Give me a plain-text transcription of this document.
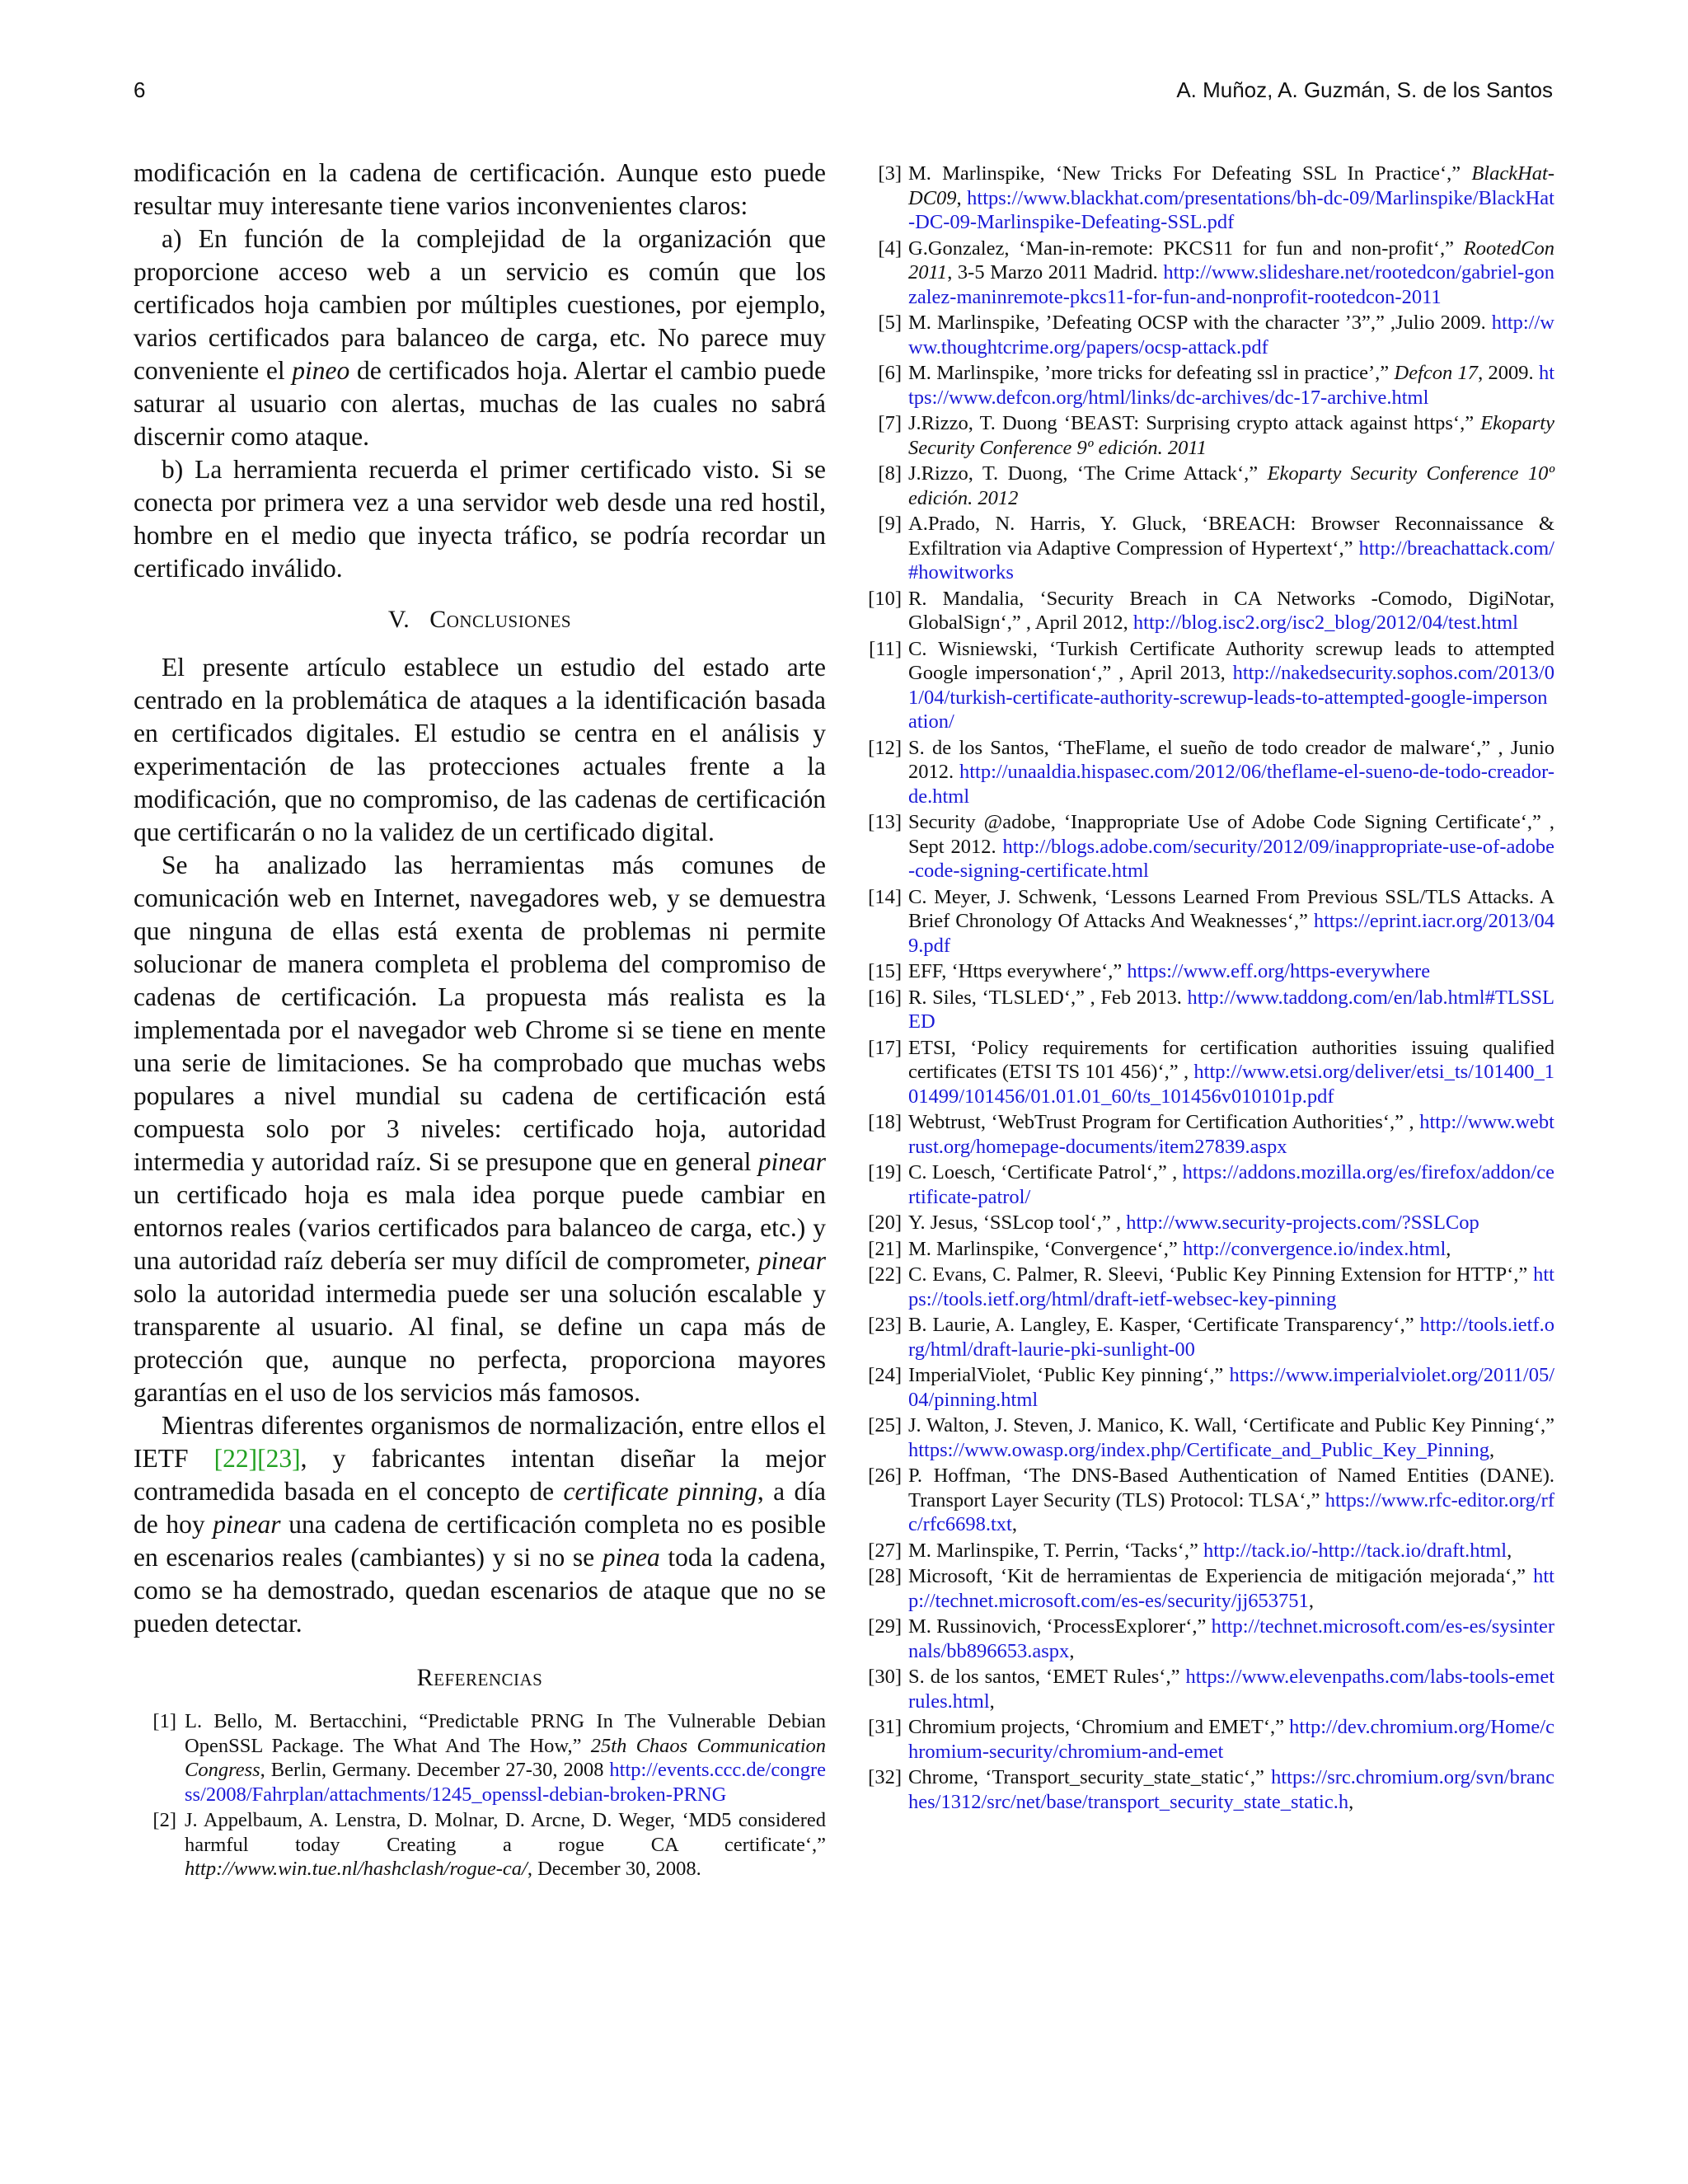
6	A. Muñoz, A. Guzmán, S. de los Santos

modificación en la cadena de certificación. Aunque esto puede resultar muy interesante tiene varios inconvenientes claros:

a) En función de la complejidad de la organización que proporcione acceso web a un servicio es común que los certificados hoja cambien por múltiples cuestiones, por ejemplo, varios certificados para balanceo de carga, etc. No parece muy conveniente el pineo de certificados hoja. Alertar el cambio puede saturar al usuario con alertas, muchas de las cuales no sabrá discernir como ataque.

b) La herramienta recuerda el primer certificado visto. Si se conecta por primera vez a una servidor web desde una red hostil, hombre en el medio que inyecta tráfico, se podría recordar un certificado inválido.

V. Conclusiones

El presente artículo establece un estudio del estado arte centrado en la problemática de ataques a la identificación basada en certificados digitales. El estudio se centra en el análisis y experimentación de las protecciones actuales frente a la modificación, que no compromiso, de las cadenas de certificación que certificarán o no la validez de un certificado digital.

Se ha analizado las herramientas más comunes de comunicación web en Internet, navegadores web, y se demuestra que ninguna de ellas está exenta de problemas ni permite solucionar de manera completa el problema del compromiso de cadenas de certificación. La propuesta más realista es la implementada por el navegador web Chrome si se tiene en mente una serie de limitaciones. Se ha comprobado que muchas webs populares a nivel mundial su cadena de certificación está compuesta solo por 3 niveles: certificado hoja, autoridad intermedia y autoridad raíz. Si se presupone que en general pinear un certificado hoja es mala idea porque puede cambiar en entornos reales (varios certificados para balanceo de carga, etc.) y una autoridad raíz debería ser muy difícil de comprometer, pinear solo la autoridad intermedia puede ser una solución escalable y transparente al usuario. Al final, se define un capa más de protección que, aunque no perfecta, proporciona mayores garantías en el uso de los servicios más famosos.

Mientras diferentes organismos de normalización, entre ellos el IETF [22][23], y fabricantes intentan diseñar la mejor contramedida basada en el concepto de certificate pinning, a día de hoy pinear una cadena de certificación completa no es posible en escenarios reales (cambiantes) y si no se pinea toda la cadena, como se ha demostrado, quedan escenarios de ataque que no se pueden detectar.

Referencias
[1] L. Bello, M. Bertacchini, “Predictable PRNG In The Vulnerable Debian OpenSSL Package. The What And The How,” 25th Chaos Communication Congress, Berlin, Germany. December 27-30, 2008 http://events.ccc.de/congress/2008/Fahrplan/attachments/1245_openssl-debian-broken-PRNG
[2] J. Appelbaum, A. Lenstra, D. Molnar, D. Arcne, D. Weger, ‘MD5 considered harmful today Creating a rogue CA certificate‘,” http://www.win.tue.nl/hashclash/rogue-ca/, December 30, 2008.
[3] M. Marlinspike, ‘New Tricks For Defeating SSL In Practice‘,” BlackHat-DC09, https://www.blackhat.com/presentations/bh-dc-09/Marlinspike/BlackHat-DC-09-Marlinspike-Defeating-SSL.pdf
[4] G.Gonzalez, ‘Man-in-remote: PKCS11 for fun and non-profit‘,” RootedCon 2011, 3-5 Marzo 2011 Madrid. http://www.slideshare.net/rootedcon/gabriel-gonzalez-maninremote-pkcs11-for-fun-and-nonprofit-rootedcon-2011
[5] M. Marlinspike, ’Defeating OCSP with the character ’3”,” ,Julio 2009. http://www.thoughtcrime.org/papers/ocsp-attack.pdf
[6] M. Marlinspike, ’more tricks for defeating ssl in practice’,” Defcon 17, 2009. https://www.defcon.org/html/links/dc-archives/dc-17-archive.html
[7] J.Rizzo, T. Duong ‘BEAST: Surprising crypto attack against https‘,” Ekoparty Security Conference 9º edición. 2011
[8] J.Rizzo, T. Duong, ‘The Crime Attack‘,” Ekoparty Security Conference 10º edición. 2012
[9] A.Prado, N. Harris, Y. Gluck, ‘BREACH: Browser Reconnaissance & Exfiltration via Adaptive Compression of Hypertext‘,” http://breachattack.com/#howitworks
[10] R. Mandalia, ‘Security Breach in CA Networks -Comodo, DigiNotar, GlobalSign‘,” , April 2012, http://blog.isc2.org/isc2_blog/2012/04/test.html
[11] C. Wisniewski, ‘Turkish Certificate Authority screwup leads to attempted Google impersonation‘,” , April 2013, http://nakedsecurity.sophos.com/2013/01/04/turkish-certificate-authority-screwup-leads-to-attempted-google-impersonation/
[12] S. de los Santos, ‘TheFlame, el sueño de todo creador de malware‘,” , Junio 2012. http://unaaldia.hispasec.com/2012/06/theflame-el-sueno-de-todo-creador-de.html
[13] Security @adobe, ‘Inappropriate Use of Adobe Code Signing Certificate‘,” , Sept 2012. http://blogs.adobe.com/security/2012/09/inappropriate-use-of-adobe-code-signing-certificate.html
[14] C. Meyer, J. Schwenk, ‘Lessons Learned From Previous SSL/TLS Attacks. A Brief Chronology Of Attacks And Weaknesses‘,” https://eprint.iacr.org/2013/049.pdf
[15] EFF, ‘Https everywhere‘,” https://www.eff.org/https-everywhere
[16] R. Siles, ‘TLSLED‘,” , Feb 2013. http://www.taddong.com/en/lab.html#TLSSLED
[17] ETSI, ‘Policy requirements for certification authorities issuing qualified certificates (ETSI TS 101 456)‘,” , http://www.etsi.org/deliver/etsi_ts/101400_101499/101456/01.01.01_60/ts_101456v010101p.pdf
[18] Webtrust, ‘WebTrust Program for Certification Authorities‘,” , http://www.webtrust.org/homepage-documents/item27839.aspx
[19] C. Loesch, ‘Certificate Patrol‘,” , https://addons.mozilla.org/es/firefox/addon/certificate-patrol/
[20] Y. Jesus, ‘SSLcop tool‘,” , http://www.security-projects.com/?SSLCop
[21] M. Marlinspike, ‘Convergence‘,” http://convergence.io/index.html,
[22] C. Evans, C. Palmer, R. Sleevi, ‘Public Key Pinning Extension for HTTP‘,” https://tools.ietf.org/html/draft-ietf-websec-key-pinning
[23] B. Laurie, A. Langley, E. Kasper, ‘Certificate Transparency‘,” http://tools.ietf.org/html/draft-laurie-pki-sunlight-00
[24] ImperialViolet, ‘Public Key pinning‘,” https://www.imperialviolet.org/2011/05/04/pinning.html
[25] J. Walton, J. Steven, J. Manico, K. Wall, ‘Certificate and Public Key Pinning‘,” https://www.owasp.org/index.php/Certificate_and_Public_Key_Pinning,
[26] P. Hoffman, ‘The DNS-Based Authentication of Named Entities (DANE). Transport Layer Security (TLS) Protocol: TLSA‘,” https://www.rfc-editor.org/rfc/rfc6698.txt,
[27] M. Marlinspike, T. Perrin, ‘Tacks‘,” http://tack.io/-http://tack.io/draft.html,
[28] Microsoft, ‘Kit de herramientas de Experiencia de mitigación mejorada‘,” http://technet.microsoft.com/es-es/security/jj653751,
[29] M. Russinovich, ‘ProcessExplorer‘,” http://technet.microsoft.com/es-es/sysinternals/bb896653.aspx,
[30] S. de los santos, ‘EMET Rules‘,” https://www.elevenpaths.com/labs-tools-emetrules.html,
[31] Chromium projects, ‘Chromium and EMET‘,” http://dev.chromium.org/Home/chromium-security/chromium-and-emet
[32] Chrome, ‘Transport_security_state_static‘,” https://src.chromium.org/svn/branches/1312/src/net/base/transport_security_state_static.h,
